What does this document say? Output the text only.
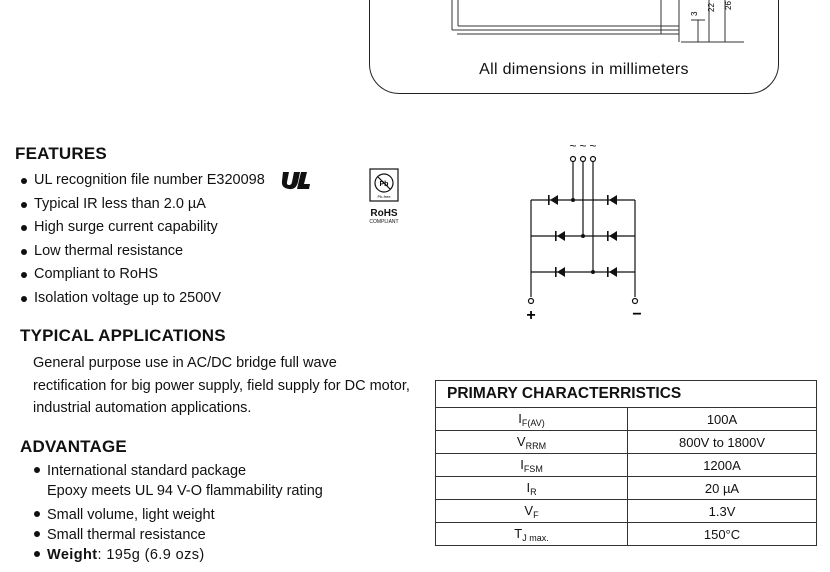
3
22 26
All dimensions in millimeters
FEATURES
UL recognition file number E320098
Typical IR less than 2.0 µA
High surge current capability
Low thermal resistance
Compliant to RoHS
Isolation voltage up to 2500V
Pb
Pb-free
RoHS
COMPLIANT
~ ~ ~
+	−
TYPICAL APPLICATIONS
General purpose use in AC/DC bridge full wave
rectification for big power supply, field supply for DC motor,
industrial automation applications.
ADVANTAGE
International standard package
Epoxy meets UL 94 V-O flammability rating
Small volume, light weight
Small thermal resistance
Weight: 195g (6.9 ozs)
PRIMARY CHARACTERRISTICS	
$I_{F(AV)}$	100A
$V_{RRM}$	800V to 1800V
$I_{FSM}$	1200A
$I_R$	20 µA
$V_F$	1.3V
$T_{J max.}$	150°C
